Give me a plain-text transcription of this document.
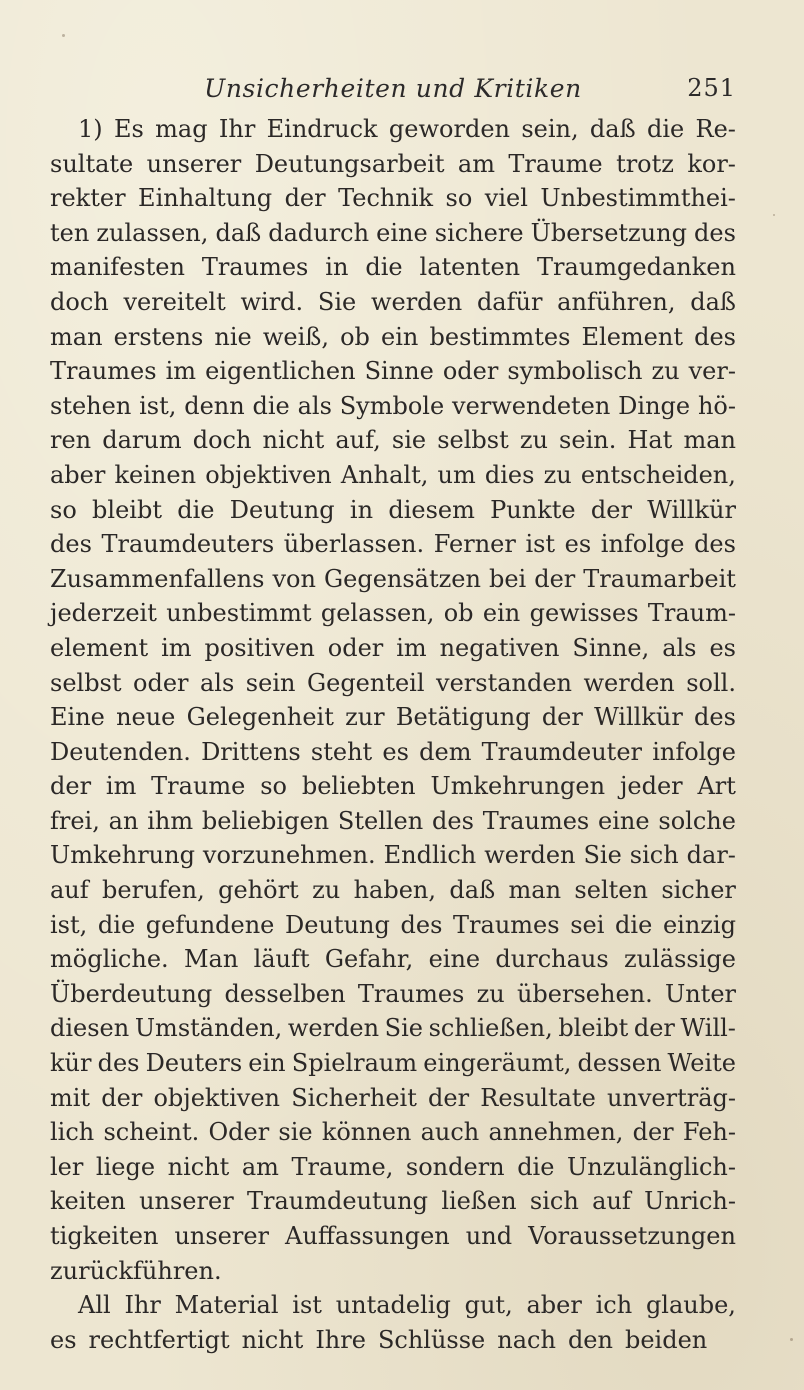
Unsicherheiten und Kritiken	251
1) Es mag Ihr Eindruck geworden sein, daß die Re-
sultate unserer Deutungsarbeit am Traume trotz kor-
rekter Einhaltung der Technik so viel Unbestimmthei-
ten zulassen, daß dadurch eine sichere Übersetzung des
manifesten Traumes in die latenten Traumgedanken
doch vereitelt wird. Sie werden dafür anführen, daß
man erstens nie weiß, ob ein bestimmtes Element des
Traumes im eigentlichen Sinne oder symbolisch zu ver-
stehen ist, denn die als Symbole verwendeten Dinge hö-
ren darum doch nicht auf, sie selbst zu sein. Hat man
aber keinen objektiven Anhalt, um dies zu entscheiden,
so bleibt die Deutung in diesem Punkte der Willkür
des Traumdeuters überlassen. Ferner ist es infolge des
Zusammenfallens von Gegensätzen bei der Traumarbeit
jederzeit unbestimmt gelassen, ob ein gewisses Traum-
element im positiven oder im negativen Sinne, als es
selbst oder als sein Gegenteil verstanden werden soll.
Eine neue Gelegenheit zur Betätigung der Willkür des
Deutenden. Drittens steht es dem Traumdeuter infolge
der im Traume so beliebten Umkehrungen jeder Art
frei, an ihm beliebigen Stellen des Traumes eine solche
Umkehrung vorzunehmen. Endlich werden Sie sich dar-
auf berufen, gehört zu haben, daß man selten sicher
ist, die gefundene Deutung des Traumes sei die einzig
mögliche. Man läuft Gefahr, eine durchaus zulässige
Überdeutung desselben Traumes zu übersehen. Unter
diesen Umständen, werden Sie schließen, bleibt der Will-
kür des Deuters ein Spielraum eingeräumt, dessen Weite
mit der objektiven Sicherheit der Resultate unverträg-
lich scheint. Oder sie können auch annehmen, der Feh-
ler liege nicht am Traume, sondern die Unzulänglich-
keiten unserer Traumdeutung ließen sich auf Unrich-
tigkeiten unserer Auffassungen und Voraussetzungen
zurückführen.
All Ihr Material ist untadelig gut, aber ich glaube,
es rechtfertigt nicht Ihre Schlüsse nach den beiden
